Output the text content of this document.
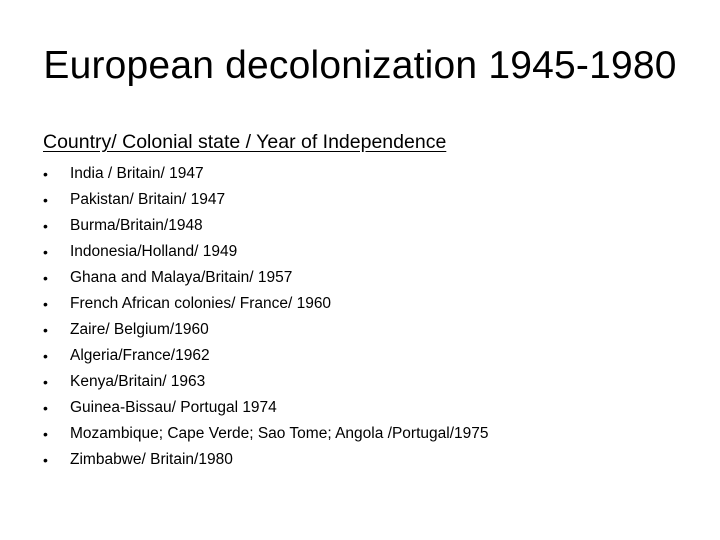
European decolonization 1945-1980

Country/ Colonial state / Year of Independence

•	India / Britain/ 1947
•	Pakistan/ Britain/ 1947
•	Burma/Britain/1948
•	Indonesia/Holland/ 1949
•	Ghana and Malaya/Britain/ 1957
•	French African colonies/ France/ 1960
•	Zaire/ Belgium/1960
•	Algeria/France/1962
•	Kenya/Britain/ 1963
•	Guinea-Bissau/ Portugal 1974
•	Mozambique; Cape Verde; Sao Tome; Angola /Portugal/1975
•	Zimbabwe/ Britain/1980
